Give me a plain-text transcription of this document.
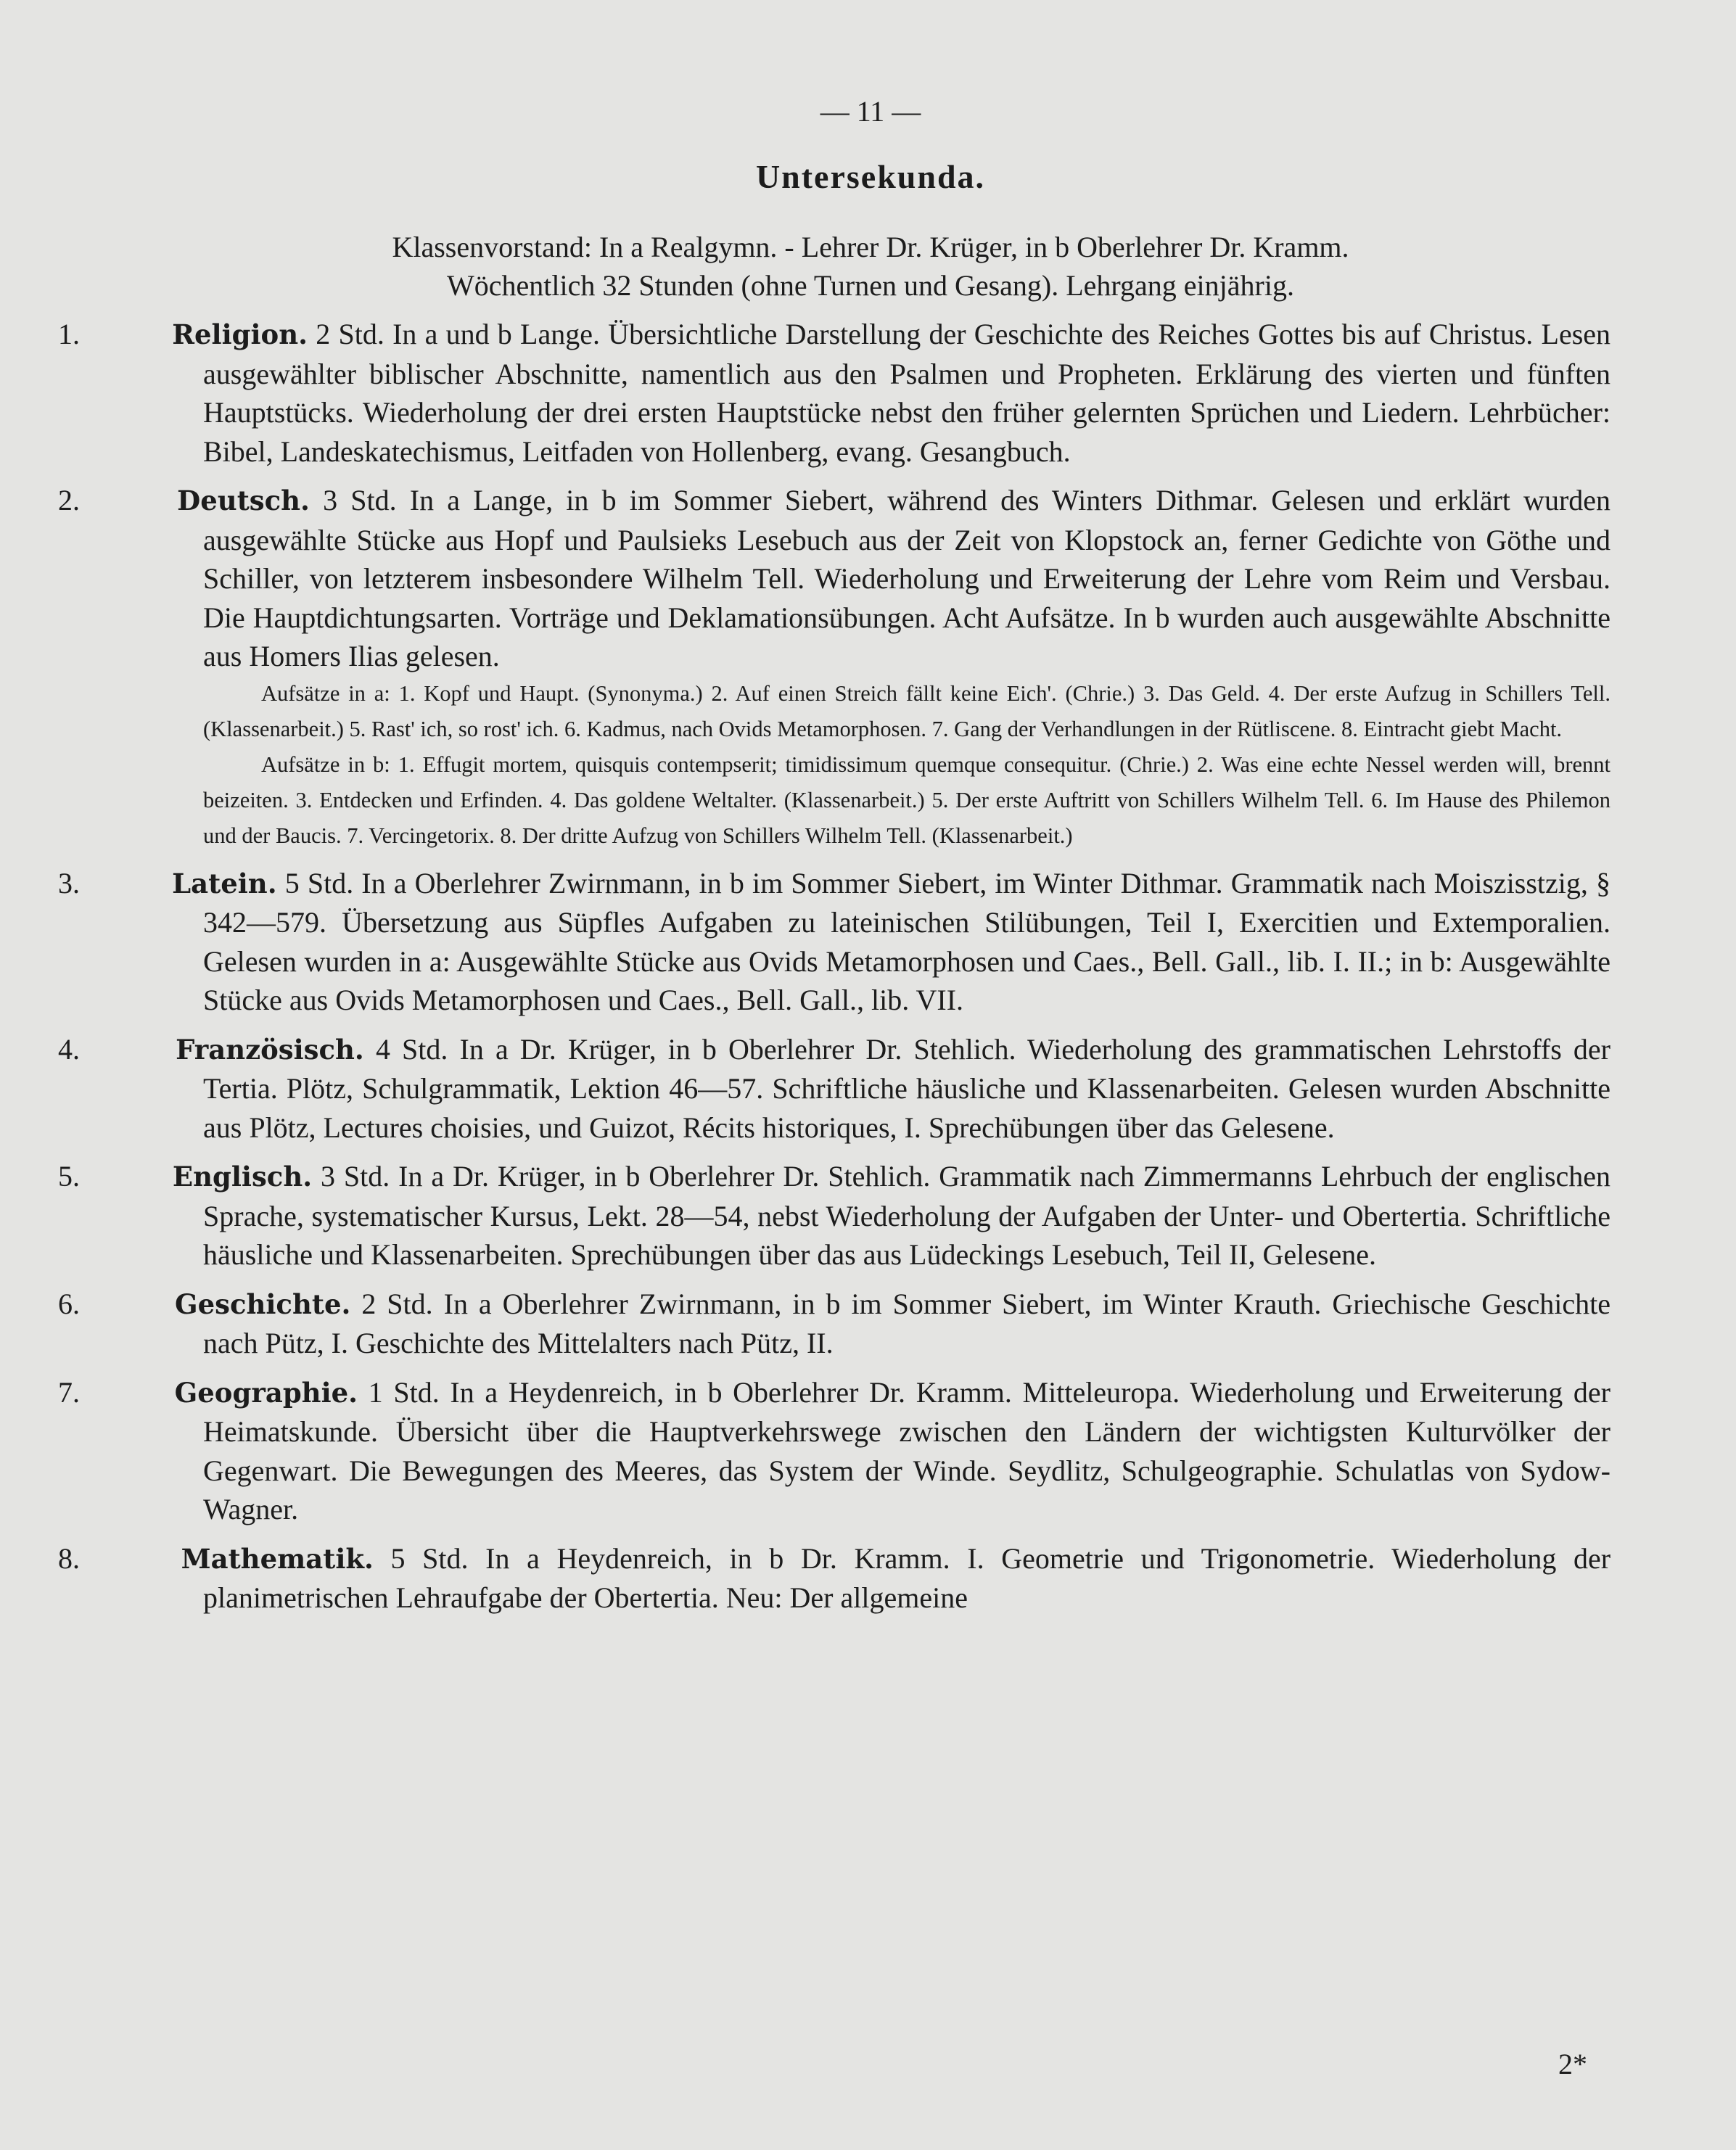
— 11 —
Untersekunda.
Klassenvorstand: In a Realgymn. - Lehrer Dr. Krüger, in b Oberlehrer Dr. Kramm.
Wöchentlich 32 Stunden (ohne Turnen und Gesang). Lehrgang einjährig.
1.	Religion. 2 Std. In a und b Lange. Übersichtliche Darstellung der Geschichte des Reiches Gottes bis auf Christus. Lesen ausgewählter biblischer Abschnitte, namentlich aus den Psalmen und Propheten. Erklärung des vierten und fünften Hauptstücks. Wiederholung der drei ersten Hauptstücke nebst den früher gelernten Sprüchen und Liedern. Lehrbücher: Bibel, Landeskatechismus, Leitfaden von Hollenberg, evang. Gesangbuch.
2.	Deutsch. 3 Std. In a Lange, in b im Sommer Siebert, während des Winters Dithmar. Gelesen und erklärt wurden ausgewählte Stücke aus Hopf und Paulsieks Lesebuch aus der Zeit von Klopstock an, ferner Gedichte von Göthe und Schiller, von letzterem insbesondere Wilhelm Tell. Wiederholung und Erweiterung der Lehre vom Reim und Versbau. Die Hauptdichtungsarten. Vorträge und Deklamationsübungen. Acht Aufsätze. In b wurden auch ausgewählte Abschnitte aus Homers Ilias gelesen.

Aufsätze in a: 1. Kopf und Haupt. (Synonyma.) 2. Auf einen Streich fällt keine Eich'. (Chrie.) 3. Das Geld. 4. Der erste Aufzug in Schillers Tell. (Klassenarbeit.) 5. Rast' ich, so rost' ich. 6. Kadmus, nach Ovids Metamorphosen. 7. Gang der Verhandlungen in der Rütliscene. 8. Eintracht giebt Macht.

Aufsätze in b: 1. Effugit mortem, quisquis contempserit; timidissimum quemque consequitur. (Chrie.) 2. Was eine echte Nessel werden will, brennt beizeiten. 3. Entdecken und Erfinden. 4. Das goldene Weltalter. (Klassenarbeit.) 5. Der erste Auftritt von Schillers Wilhelm Tell. 6. Im Hause des Philemon und der Baucis. 7. Vercingetorix. 8. Der dritte Aufzug von Schillers Wilhelm Tell. (Klassenarbeit.)

3.	Latein. 5 Std. In a Oberlehrer Zwirnmann, in b im Sommer Siebert, im Winter Dithmar. Grammatik nach Moiszisstzig, § 342—579. Übersetzung aus Süpfles Aufgaben zu lateinischen Stilübungen, Teil I, Exercitien und Extemporalien. Gelesen wurden in a: Ausgewählte Stücke aus Ovids Metamorphosen und Caes., Bell. Gall., lib. I. II.; in b: Ausgewählte Stücke aus Ovids Metamorphosen und Caes., Bell. Gall., lib. VII.
4.	Französisch. 4 Std. In a Dr. Krüger, in b Oberlehrer Dr. Stehlich. Wiederholung des grammatischen Lehrstoffs der Tertia. Plötz, Schulgrammatik, Lektion 46—57. Schriftliche häusliche und Klassenarbeiten. Gelesen wurden Abschnitte aus Plötz, Lectures choisies, und Guizot, Récits historiques, I. Sprechübungen über das Gelesene.
5.	Englisch. 3 Std. In a Dr. Krüger, in b Oberlehrer Dr. Stehlich. Grammatik nach Zimmermanns Lehrbuch der englischen Sprache, systematischer Kursus, Lekt. 28—54, nebst Wiederholung der Aufgaben der Unter- und Obertertia. Schriftliche häusliche und Klassenarbeiten. Sprechübungen über das aus Lüdeckings Lesebuch, Teil II, Gelesene.
6.	Geschichte. 2 Std. In a Oberlehrer Zwirnmann, in b im Sommer Siebert, im Winter Krauth. Griechische Geschichte nach Pütz, I. Geschichte des Mittelalters nach Pütz, II.
7.	Geographie. 1 Std. In a Heydenreich, in b Oberlehrer Dr. Kramm. Mitteleuropa. Wiederholung und Erweiterung der Heimatskunde. Übersicht über die Hauptverkehrswege zwischen den Ländern der wichtigsten Kulturvölker der Gegenwart. Die Bewegungen des Meeres, das System der Winde. Seydlitz, Schulgeographie. Schulatlas von Sydow-Wagner.
8.	Mathematik. 5 Std. In a Heydenreich, in b Dr. Kramm. I. Geometrie und Trigonometrie. Wiederholung der planimetrischen Lehraufgabe der Obertertia. Neu: Der allgemeine
2*
